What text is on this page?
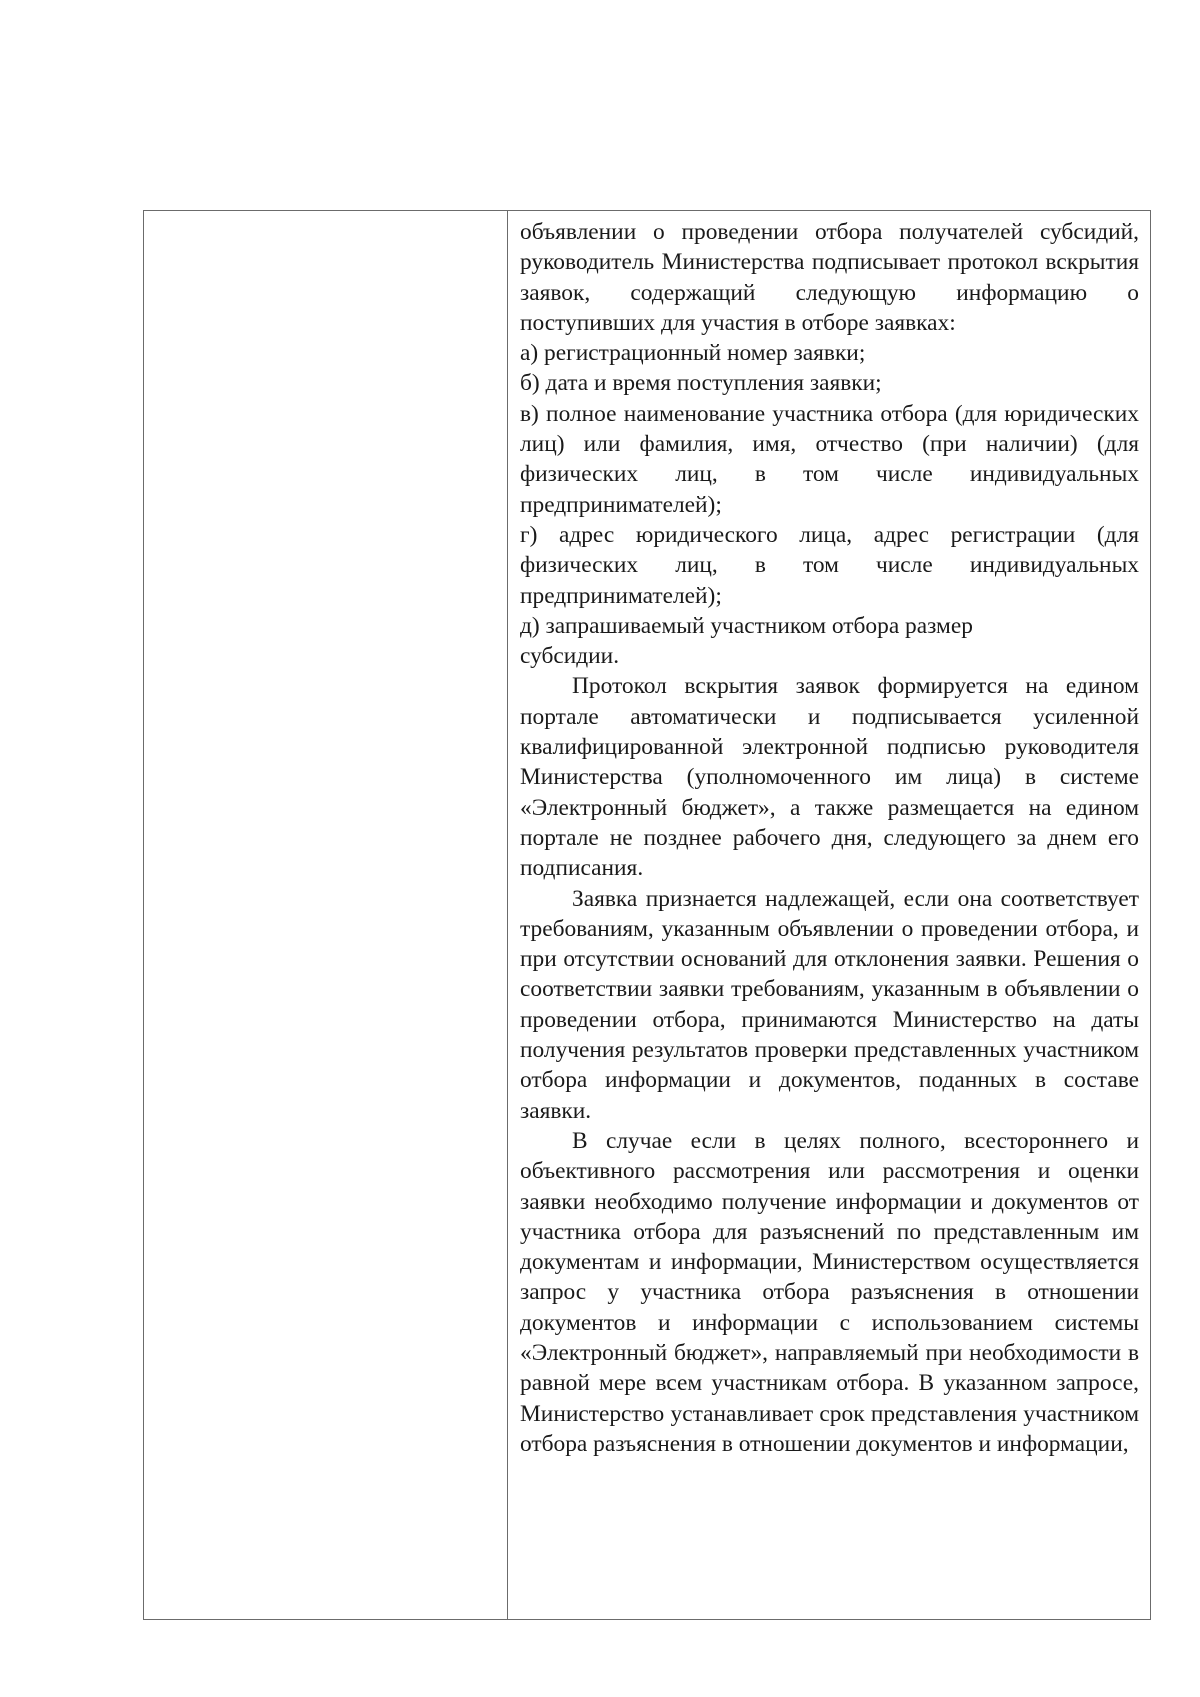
объявлении о проведении отбора получателей субсидий, руководитель Министерства подписывает протокол вскрытия заявок, содержащий следующую информацию о поступивших для участия в отборе заявках:

а) регистрационный номер заявки;

б) дата и время поступления заявки;

в) полное наименование участника отбора (для юридических лиц) или фамилия, имя, отчество (при наличии) (для физических лиц, в том числе индивидуальных предпринимателей);

г) адрес юридического лица, адрес регистрации (для физических лиц, в том числе индивидуальных предпринимателей);

д) запрашиваемый участником отбора размер

субсидии.

Протокол вскрытия заявок формируется на едином портале автоматически и подписывается усиленной квалифицированной электронной подписью руководителя Министерства (уполномоченного им лица) в системе «Электронный бюджет», а также размещается на едином портале не позднее рабочего дня, следующего за днем его подписания.

Заявка признается надлежащей, если она соответствует требованиям, указанным объявлении о проведении отбора, и при отсутствии оснований для отклонения заявки. Решения о соответствии заявки требованиям, указанным в объявлении о проведении отбора, принимаются Министерство на даты получения результатов проверки представленных участником отбора информации и документов, поданных в составе заявки.

В случае если в целях полного, всестороннего и объективного рассмотрения или рассмотрения и оценки заявки необходимо получение информации и документов от участника отбора для разъяснений по представленным им документам и информации, Министерством осуществляется запрос у участника отбора разъяснения в отношении документов и информации с использованием системы «Электронный бюджет», направляемый при необходимости в равной мере всем участникам отбора. В указанном запросе, Министерство устанавливает срок представления участником отбора разъяснения в отношении документов и информации,
